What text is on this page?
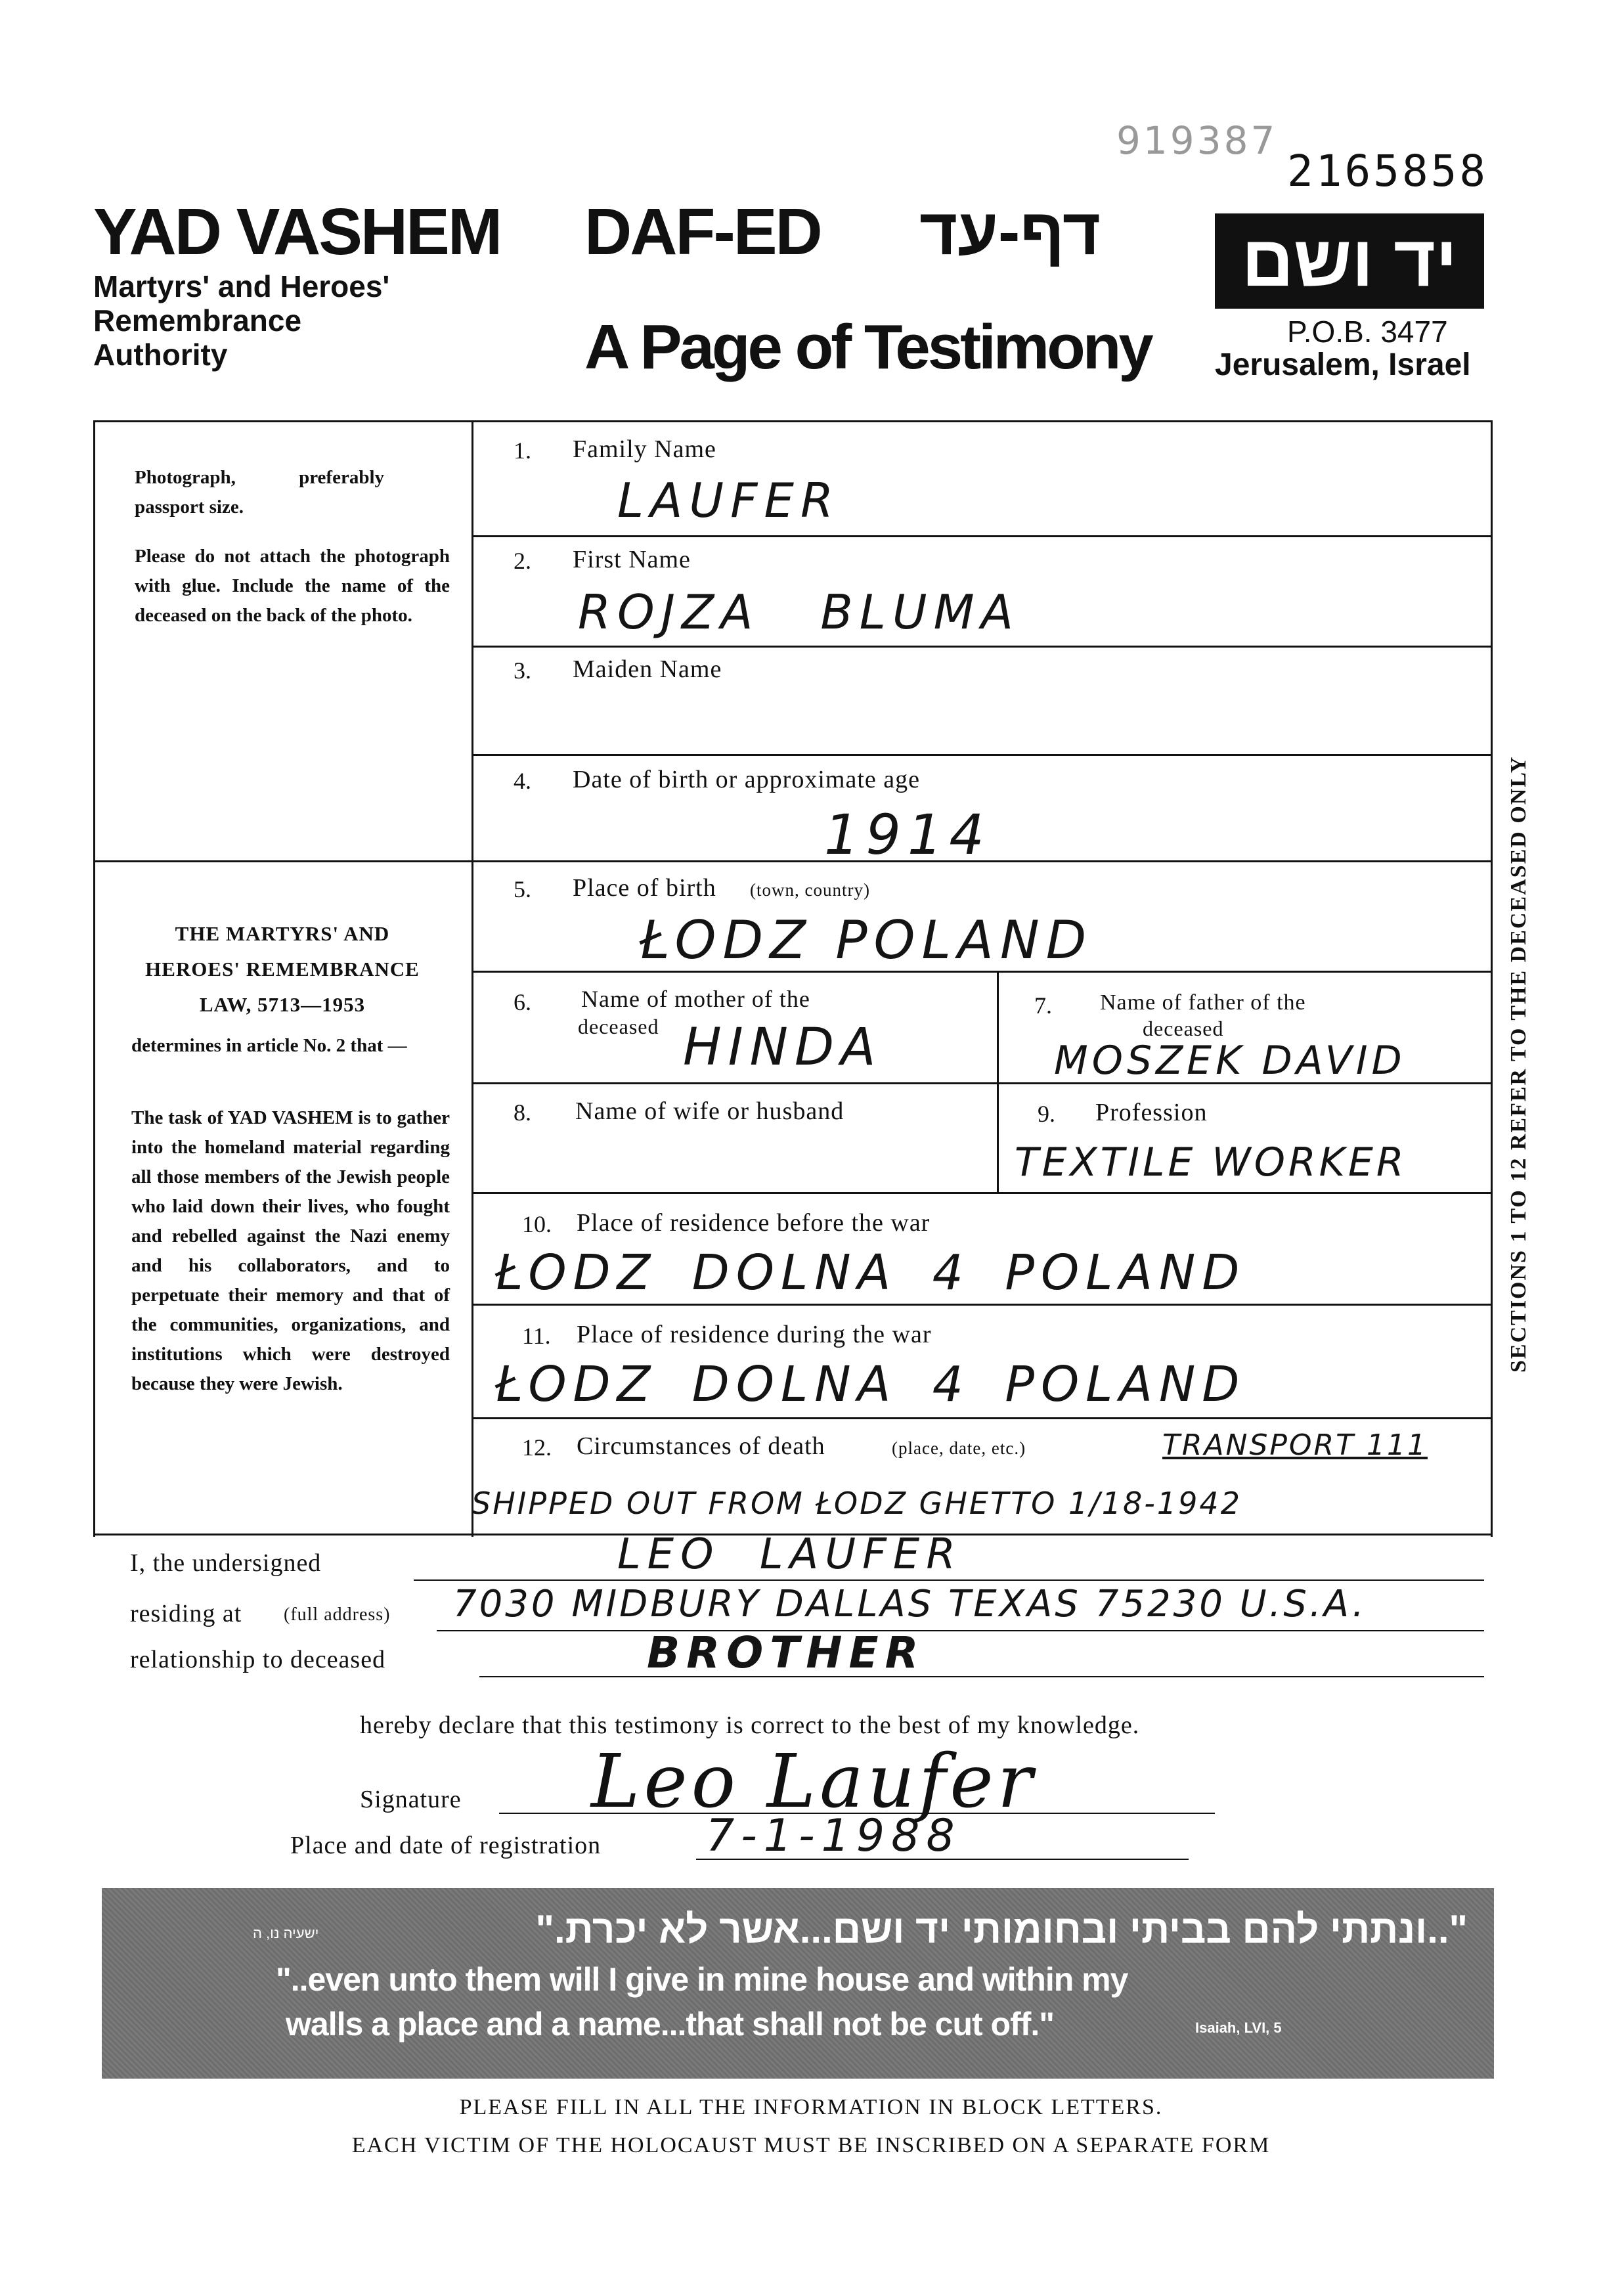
919387
2165858
YAD VASHEM
Martyrs' and Heroes'
Remembrance
Authority
DAF-ED דף-עד
A Page of Testimony
יד ושם
P.O.B. 3477
Jerusalem, Israel
Photograph, preferably passport size.
Please do not attach the photograph with glue. Include the name of the deceased on the back of the photo.
THE MARTYRS' AND
HEROES' REMEMBRANCE
LAW, 5713—1953
determines in article No. 2 that —
The task of YAD VASHEM is to gather into the homeland material regarding all those members of the Jewish people who laid down their lives, who fought and rebelled against the Nazi enemy and his collaborators, and to perpetuate their memory and that of the communities, organizations, and institutions which were destroyed because they were Jewish.
SECTIONS 1 TO 12 REFER TO THE DECEASED ONLY
1. Family Name
LAUFER
2. First Name
ROJZA BLUMA
3. Maiden Name
4. Date of birth or approximate age
1914
5. Place of birth (town, country)
ŁODZ POLAND
6. Name of mother of the
deceased HINDA
7. Name of father of the
deceased
MOSZEK DAVID
8. Name of wife or husband	9. Profession
TEXTILE WORKER
10. Place of residence before the war
ŁODZ DOLNA 4 POLAND
11. Place of residence during the war
ŁODZ DOLNA 4 POLAND
12. Circumstances of death	(place, date, etc.)	TRANSPORT 111
SHIPPED OUT FROM ŁODZ GHETTO 1/18-1942
I, the undersigned	LEO LAUFER
residing at (full address) 7030 MIDBURY DALLAS TEXAS 75230 U.S.A.
relationship to deceased	BROTHER
hereby declare that this testimony is correct to the best of my knowledge.
Signature Leo Laufer
Place and date of registration 7-1-1988
"..ונתתי להם בביתי ובחומותי יד ושם...אשר לא יכרת."
ישעיה נו, ה
"..even unto them will I give in mine house and within my
walls a place and a name...that shall not be cut off."	Isaiah, LVI, 5
PLEASE FILL IN ALL THE INFORMATION IN BLOCK LETTERS.
EACH VICTIM OF THE HOLOCAUST MUST BE INSCRIBED ON A SEPARATE FORM
